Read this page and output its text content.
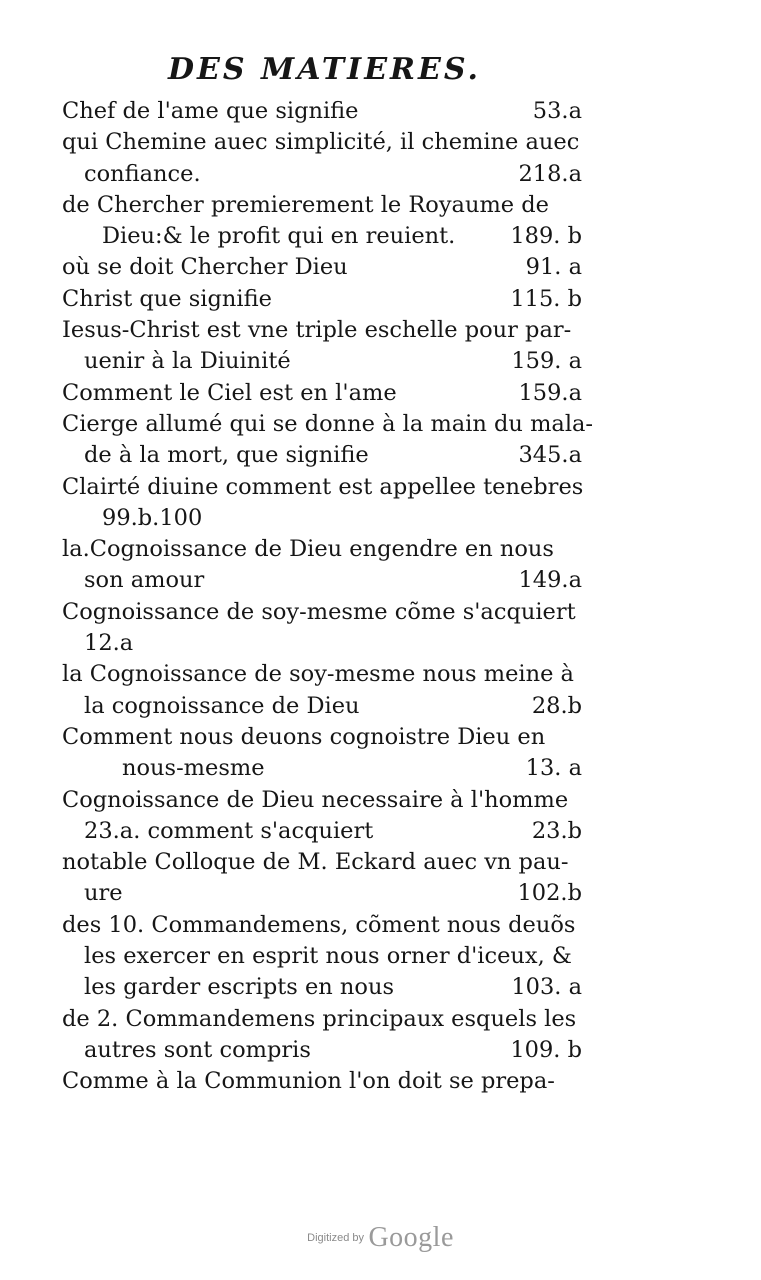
DES MATIERES.
Chef de l'ame que signifie	53.a
qui Chemine auec simplicité, il chemine auec
confiance.	218.a
de Chercher premierement le Royaume de
Dieu:& le profit qui en reuient. 189. b
où se doit Chercher Dieu	91. a
Christ que signifie	115. b
Iesus-Christ est vne triple eschelle pour par-
uenir à la Diuinité	159. a
Comment le Ciel est en l'ame	159.a
Cierge allumé qui se donne à la main du mala-
de à la mort, que signifie	345.a
Clairté diuine comment est appellee tenebres
99.b.100
la.Cognoissance de Dieu engendre en nous
son amour	149.a
Cognoissance de soy-mesme cõme s'acquiert
12.a
la Cognoissance de soy-mesme nous meine à
la cognoissance de Dieu	28.b
Comment nous deuons cognoistre Dieu en
nous-mesme	13. a
Cognoissance de Dieu necessaire à l'homme
23.a. comment s'acquiert	23.b
notable Colloque de M. Eckard auec vn pau-
ure	102.b
des 10. Commandemens, cõment nous deuõs
les exercer en esprit nous orner d'iceux, &
les garder escripts en nous	103. a
de 2. Commandemens principaux esquels les
autres sont compris	109. b
Comme à la Communion l'on doit se prepa-
Digitized by Google
